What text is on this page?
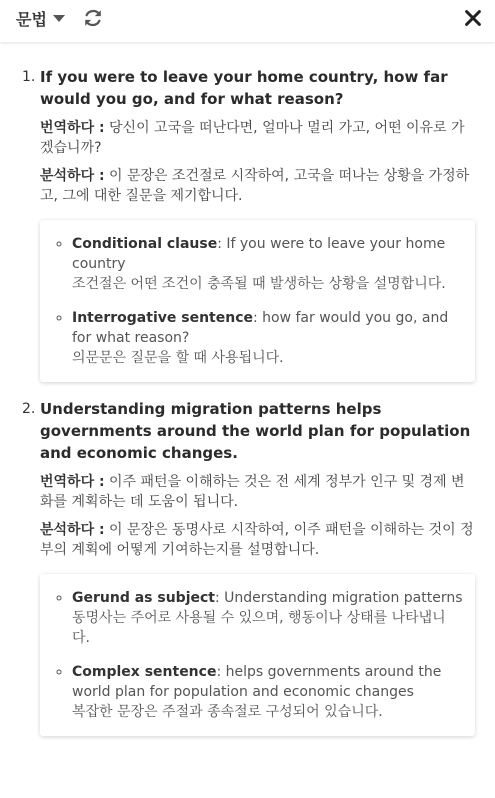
문법
1. If you were to leave your home country, how far would you go, and for what reason?
번역하다 : 당신이 고국을 떠난다면, 얼마나 멀리 가고, 어떤 이유로 가겠습니까?
분석하다 : 이 문장은 조건절로 시작하여, 고국을 떠나는 상황을 가정하고, 그에 대한 질문을 제기합니다.
◦ Conditional clause: If you were to leave your home country
조건절은 어떤 조건이 충족될 때 발생하는 상황을 설명합니다.
◦ Interrogative sentence: how far would you go, and for what reason?
의문문은 질문을 할 때 사용됩니다.
2. Understanding migration patterns helps governments around the world plan for population and economic changes.
번역하다 : 이주 패턴을 이해하는 것은 전 세계 정부가 인구 및 경제 변화를 계획하는 데 도움이 됩니다.
분석하다 : 이 문장은 동명사로 시작하여, 이주 패턴을 이해하는 것이 정부의 계획에 어떻게 기여하는지를 설명합니다.
◦ Gerund as subject: Understanding migration patterns
동명사는 주어로 사용될 수 있으며, 행동이나 상태를 나타냅니다.
◦ Complex sentence: helps governments around the world plan for population and economic changes
복잡한 문장은 주절과 종속절로 구성되어 있습니다.
